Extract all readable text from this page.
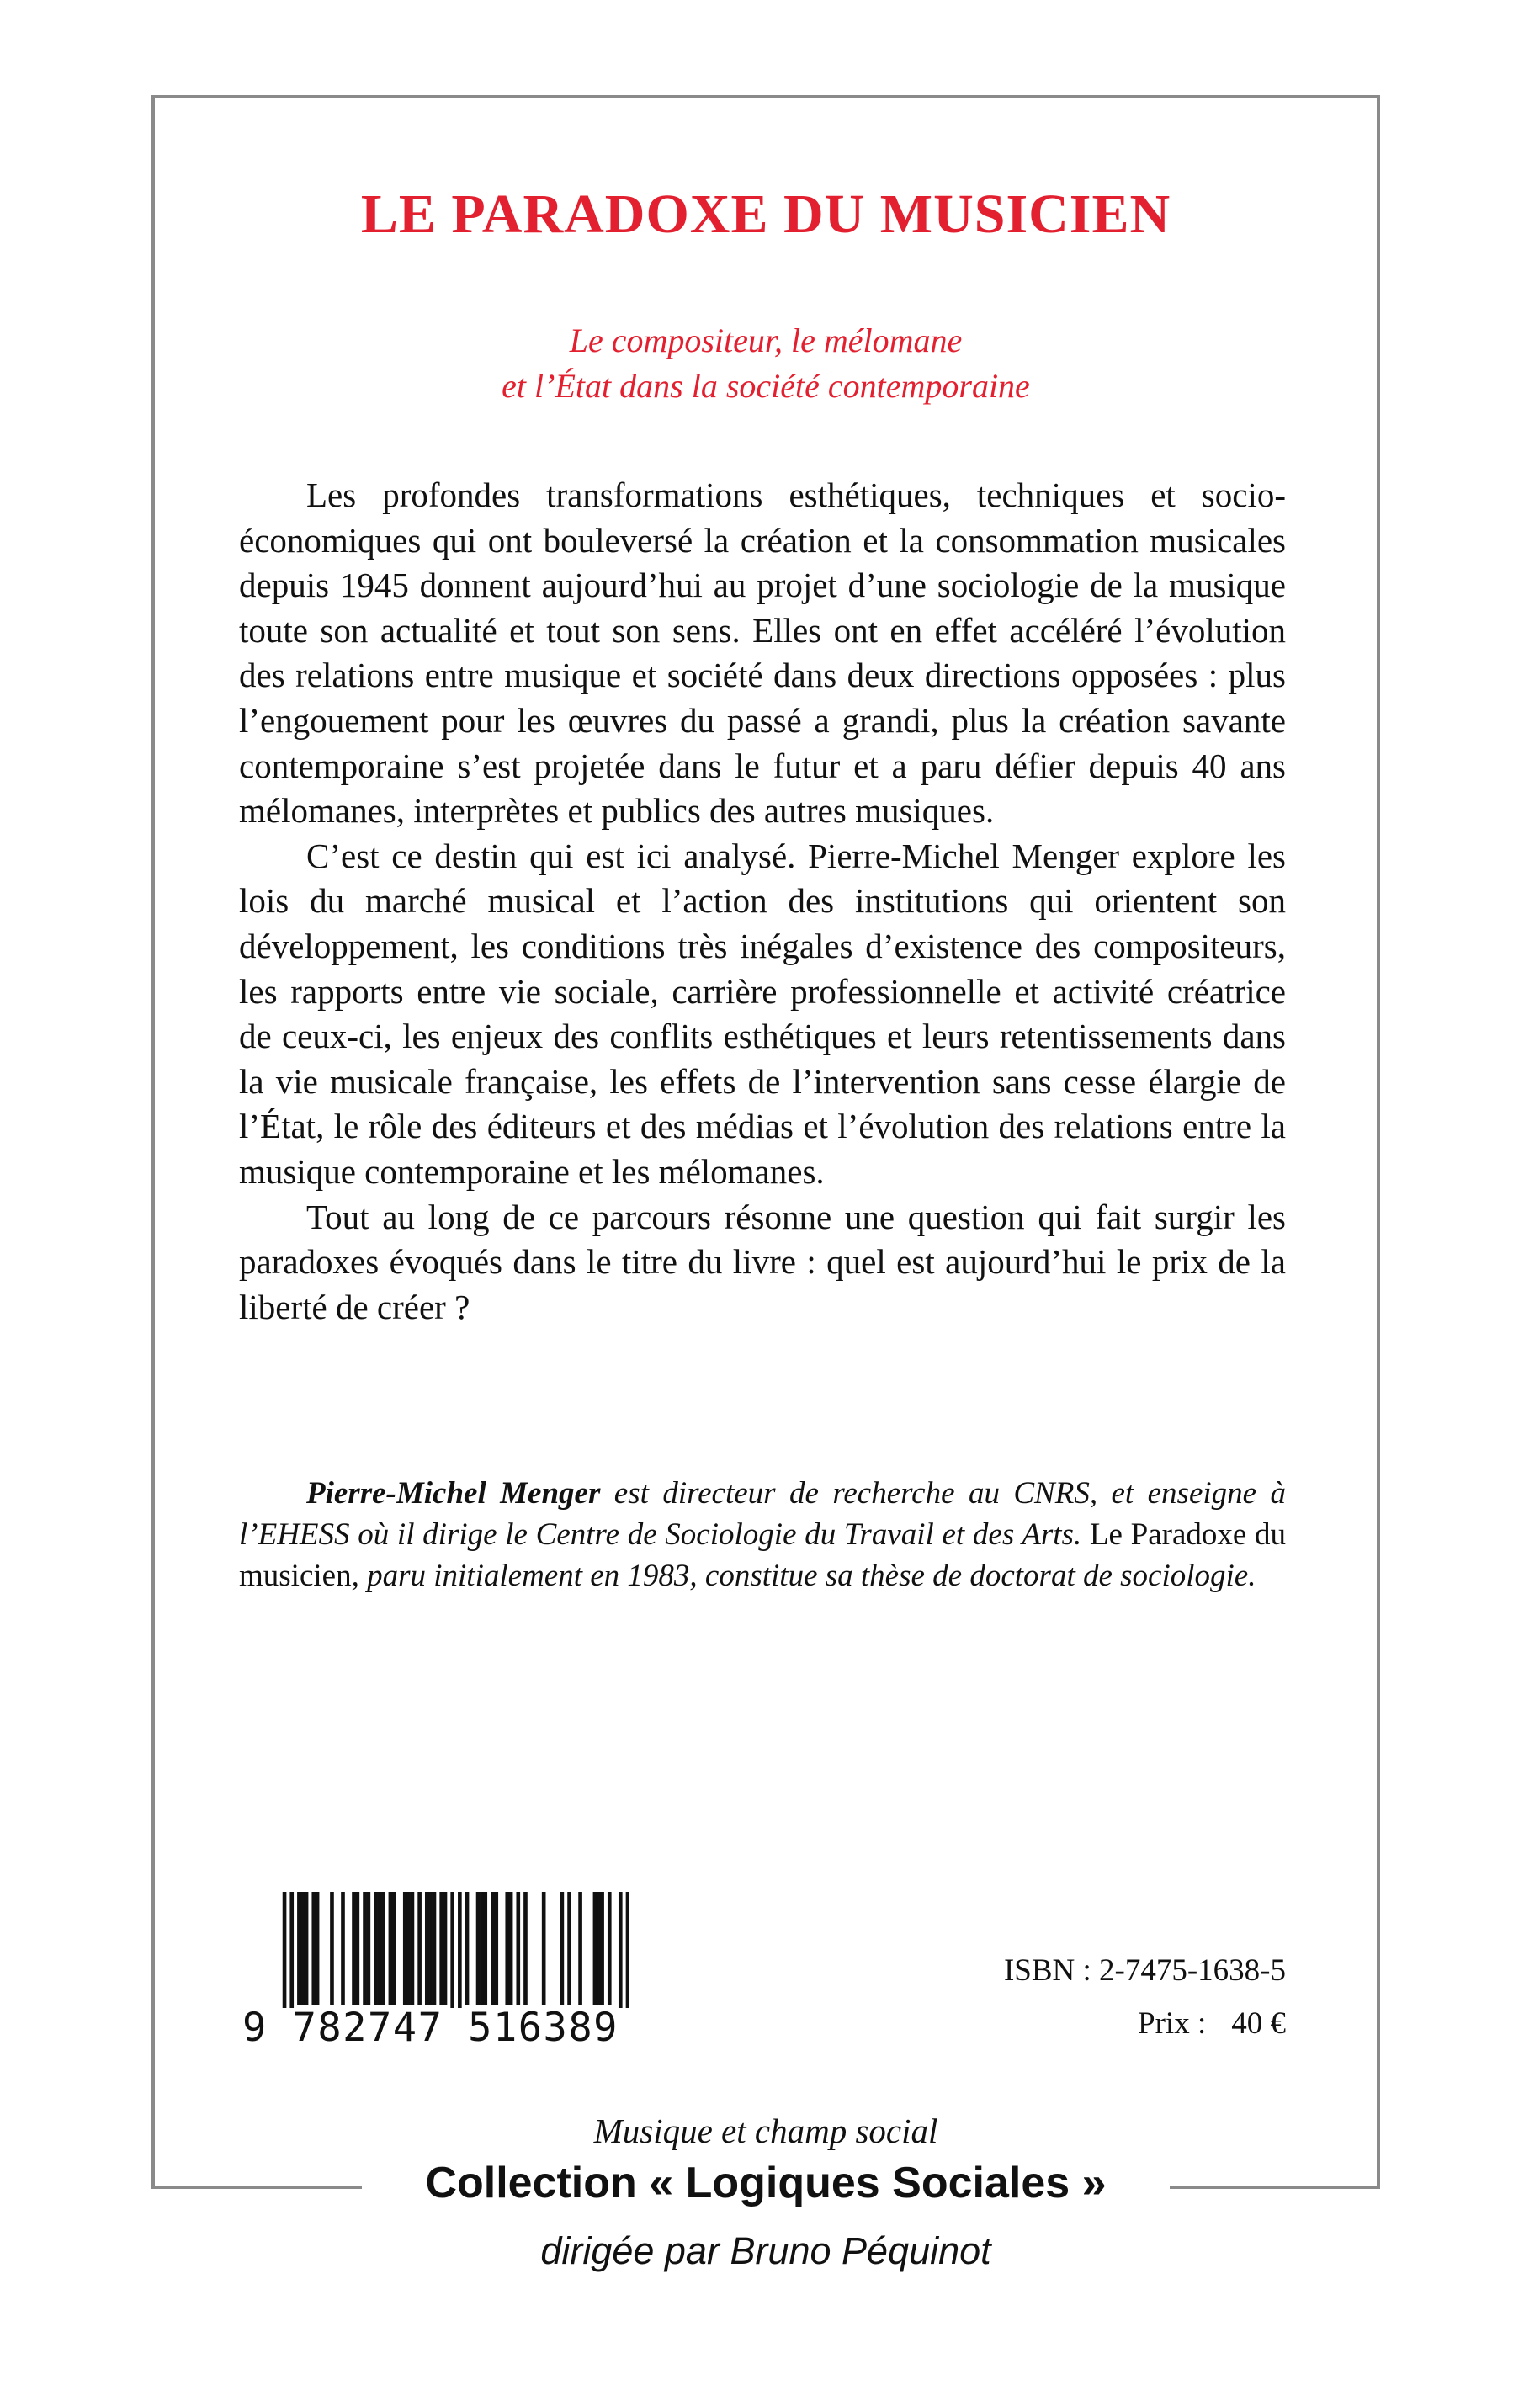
LE PARADOXE DU MUSICIEN
Le compositeur, le mélomane
et l’État dans la société contemporaine

Les profondes transformations esthétiques, techniques et socio-économiques qui ont bouleversé la création et la consommation musicales depuis 1945 donnent aujourd’hui au projet d’une sociologie de la musique toute son actualité et tout son sens. Elles ont en effet accéléré l’évolution des relations entre musique et société dans deux directions opposées : plus l’engouement pour les œuvres du passé a grandi, plus la création savante contemporaine s’est projetée dans le futur et a paru défier depuis 40 ans mélomanes, interprètes et publics des autres musiques.

C’est ce destin qui est ici analysé. Pierre-Michel Menger explore les lois du marché musical et l’action des institutions qui orientent son développement, les conditions très inégales d’existence des compositeurs, les rapports entre vie sociale, carrière professionnelle et activité créatrice de ceux-ci, les enjeux des conflits esthétiques et leurs retentissements dans la vie musicale française, les effets de l’intervention sans cesse élargie de l’État, le rôle des éditeurs et des médias et l’évolution des relations entre la musique contemporaine et les mélomanes.

Tout au long de ce parcours résonne une question qui fait surgir les paradoxes évoqués dans le titre du livre : quel est aujourd’hui le prix de la liberté de créer ?

Pierre-Michel Menger est directeur de recherche au CNRS, et enseigne à l’EHESS où il dirige le Centre de Sociologie du Travail et des Arts. Le Paradoxe du musicien, paru initialement en 1983, constitue sa thèse de doctorat de sociologie.
9 782747 516389
ISBN : 2-7475-1638-5
Prix : 40 €
Musique et champ social
Collection « Logiques Sociales »
dirigée par Bruno Péquinot
